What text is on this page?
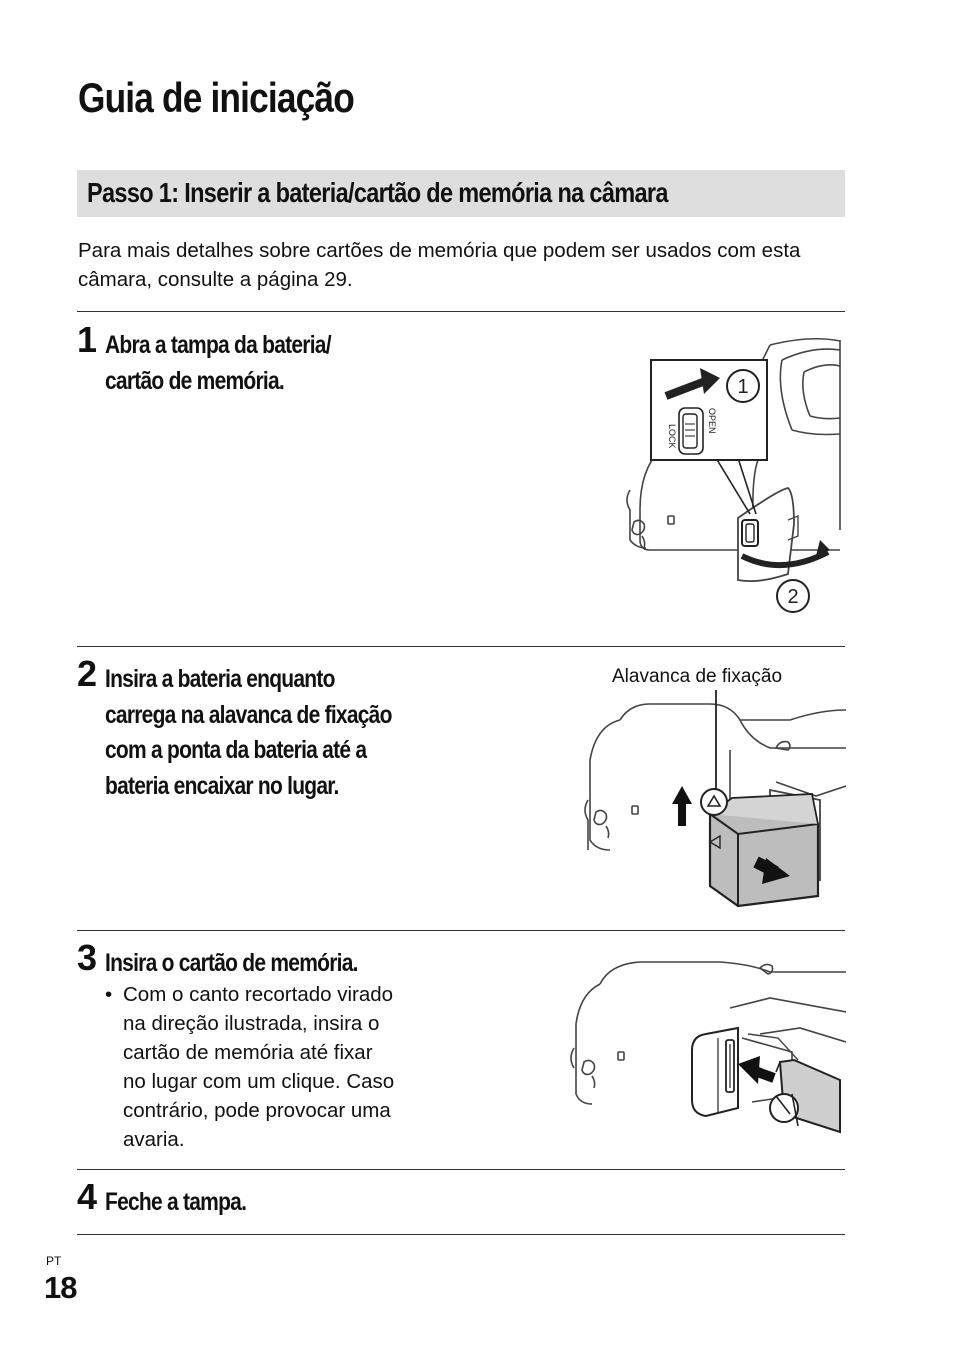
Guia de iniciação
Passo 1: Inserir a bateria/cartão de memória na câmara

Para mais detalhes sobre cartões de memória que podem ser usados com esta câmara, consulte a página 29.

1 Abra a tampa da bateria/
cartão de memória.

OPEN
LOCK
1
2
2 Insira a bateria enquanto
carrega na alavanca de fixação
com a ponta da bateria até a
bateria encaixar no lugar.

Alavanca de fixação
3 Insira o cartão de memória.

• Com o canto recortado virado
na direção ilustrada, insira o
cartão de memória até fixar
no lugar com um clique. Caso
contrário, pode provocar uma
avaria.
4 Feche a tampa.

PT
18
